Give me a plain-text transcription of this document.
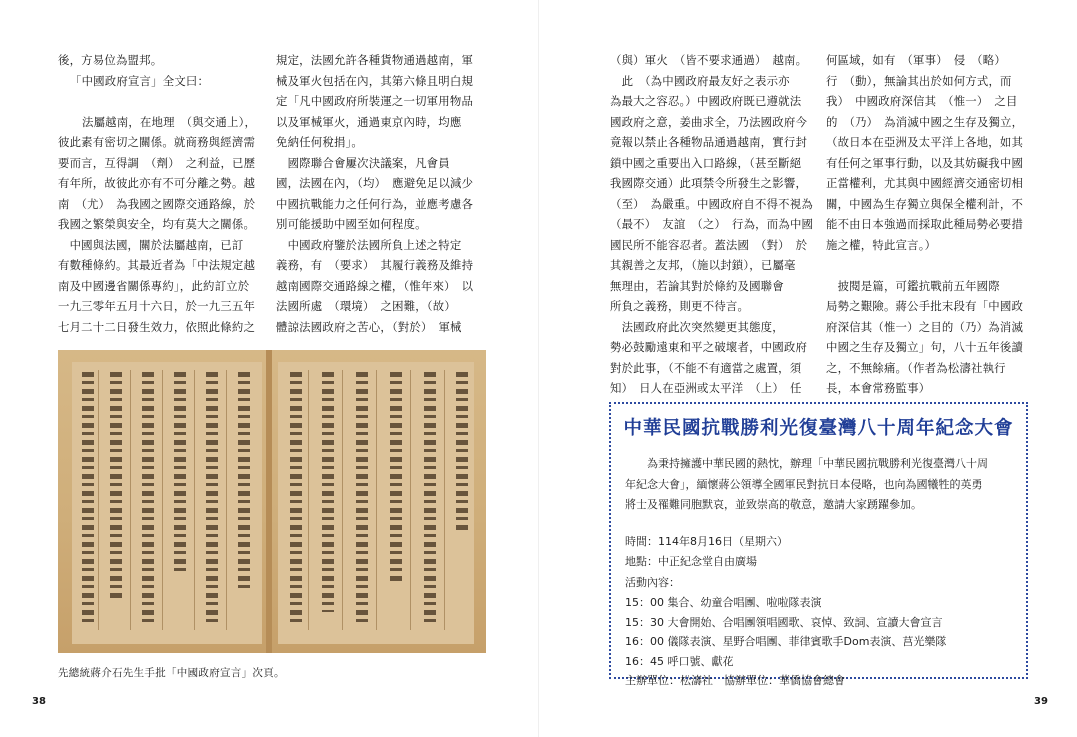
後，方易位為盟邦。

「中國政府宣言」全文曰：

法屬越南，在地理　（與交通上），

彼此素有密切之關係。就商務與經濟需

要而言，互得調　（劑）　之利益，已歷

有年所，故彼此亦有不可分離之勢。越

南　（尤）　為我國之國際交通路線，於

我國之繁榮與安全，均有莫大之關係。

　中國與法國，關於法屬越南，已訂

有數種條約。其最近者為「中法規定越

南及中國邊省關係專約」，此約訂立於

一九三零年五月十六日，於一九三五年

七月二十二日發生效力，依照此條約之

規定，法國允許各種貨物通過越南，軍

械及軍火包括在內，其第六條且明白規

定「凡中國政府所裝運之一切軍用物品

以及軍械軍火，通過東京內時，均應

免納任何稅捐」。

　國際聯合會屢次決議案，凡會員

國，法國在內，（均）　應避免足以減少

中國抗戰能力之任何行為，並應考慮各

別可能援助中國至如何程度。

　中國政府鑒於法國所負上述之特定

義務，有　（要求）　其履行義務及維持

越南國際交通路線之權，（惟年來）　以

法國所處　（環境）　之困難，（故）

體諒法國政府之苦心，（對於）　軍械

先總統蔣介石先生手批「中國政府宣言」次頁。
38

（與）軍火　（皆不要求通過）　越南。

　此　（為中國政府最友好之表示亦

為最大之容忍。）中國政府既已遵就法

國政府之意，姜曲求全，乃法國政府今

竟報以禁止各種物品通過越南，實行封

鎖中國之重要出入口路線，（甚至斷絕

我國際交通）此項禁令所發生之影響，

（至）　為嚴重。中國政府自不得不視為

（最不）　友誼　（之）　行為，而為中國

國民所不能容忍者。蓋法國　（對）　於

其親善之友邦，（施以封鎖），已屬毫

無理由，若論其對於條約及國聯會

所負之義務，則更不待言。

　法國政府此次突然變更其態度，

勢必鼓勵遠東和平之破壞者，中國政府

對於此事，（不能不有適當之處置，須

知）　日人在亞洲或太平洋　（上）　任

何區域，如有　（軍事）　侵　（略）

行　（動），無論其出於如何方式，而

我）　中國政府深信其　（惟一）　之目

的　（乃）　為消滅中國之生存及獨立，

（故日本在亞洲及太平洋上各地，如其

有任何之軍事行動，以及其妨礙我中國

正當權利，尤其與中國經濟交通密切相

關，中國為生存獨立與保全權利計，不

能不由日本強過而採取此種局勢必要措

施之權，特此宣言。）

　披閱是篇，可鑑抗戰前五年國際

局勢之艱險。蔣公手批末段有「中國政

府深信其（惟一）之目的（乃）為消滅

中國之生存及獨立」句，八十五年後讀

之，不無餘痛。（作者為松濤社執行

長，本會常務監事）

39
中華民國抗戰勝利光復臺灣八十周年紀念大會

為秉持擁護中華民國的熱忱，辦理「中華民國抗戰勝利光復臺灣八十周

年紀念大會」，緬懷蔣公領導全國軍民對抗日本侵略，也向為國犧牲的英勇

將士及罹難同胞默哀，並致崇高的敬意，邀請大家踴躍參加。

時間：114年8月16日（星期六）

地點：中正紀念堂自由廣場

活動內容：

15：00 集合、幼童合唱團、啦啦隊表演

15：30 大會開始、合唱團領唱國歌、哀悼、致詞、宣讀大會宣言

16：00 儀隊表演、星野合唱團、菲律賓歌手Dom表演、莒光樂隊

16：45 呼口號、獻花

主辦單位：松濤社　協辦單位：華僑協會總會
